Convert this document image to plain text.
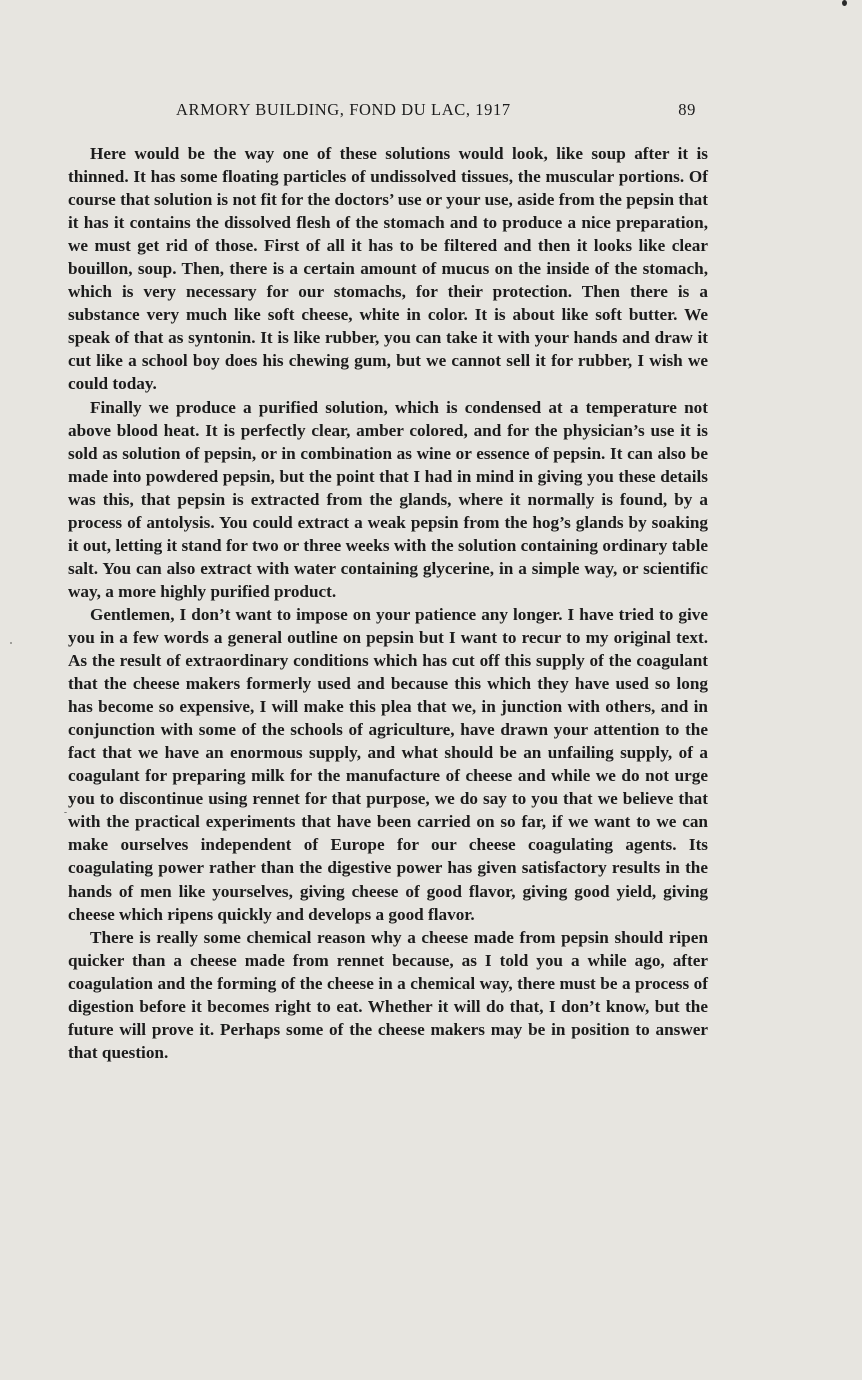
ARMORY BUILDING, FOND DU LAC, 1917	89

Here would be the way one of these solutions would look, like soup after it is thinned. It has some floating particles of undissolved tissues, the muscular portions. Of course that solution is not fit for the doctors’ use or your use, aside from the pepsin that it has it contains the dissolved flesh of the stomach and to produce a nice preparation, we must get rid of those. First of all it has to be filtered and then it looks like clear bouillon, soup. Then, there is a certain amount of mucus on the inside of the stomach, which is very necessary for our stomachs, for their protection. Then there is a substance very much like soft cheese, white in color. It is about like soft butter. We speak of that as syntonin. It is like rubber, you can take it with your hands and draw it cut like a school boy does his chewing gum, but we cannot sell it for rubber, I wish we could today.

Finally we produce a purified solution, which is condensed at a temperature not above blood heat. It is perfectly clear, amber colored, and for the physician’s use it is sold as solution of pepsin, or in combination as wine or essence of pepsin. It can also be made into powdered pepsin, but the point that I had in mind in giving you these details was this, that pepsin is extracted from the glands, where it normally is found, by a process of antolysis. You could extract a weak pepsin from the hog’s glands by soaking it out, letting it stand for two or three weeks with the solution containing ordinary table salt. You can also extract with water containing glycerine, in a simple way, or scientific way, a more highly purified product.

Gentlemen, I don’t want to impose on your patience any longer. I have tried to give you in a few words a general outline on pepsin but I want to recur to my original text. As the result of extraordinary conditions which has cut off this supply of the coagulant that the cheese makers formerly used and because this which they have used so long has become so expensive, I will make this plea that we, in junction with others, and in conjunction with some of the schools of agriculture, have drawn your attention to the fact that we have an enormous supply, and what should be an unfailing supply, of a coagulant for preparing milk for the manufacture of cheese and while we do not urge you to discontinue using rennet for that purpose, we do say to you that we believe that with the practical experiments that have been carried on so far, if we want to we can make ourselves independent of Europe for our cheese coagulating agents. Its coagulating power rather than the digestive power has given satisfactory results in the hands of men like yourselves, giving cheese of good flavor, giving good yield, giving cheese which ripens quickly and develops a good flavor.

There is really some chemical reason why a cheese made from pepsin should ripen quicker than a cheese made from rennet because, as I told you a while ago, after coagulation and the forming of the cheese in a chemical way, there must be a process of digestion before it becomes right to eat. Whether it will do that, I don’t know, but the future will prove it. Perhaps some of the cheese makers may be in position to answer that question.
